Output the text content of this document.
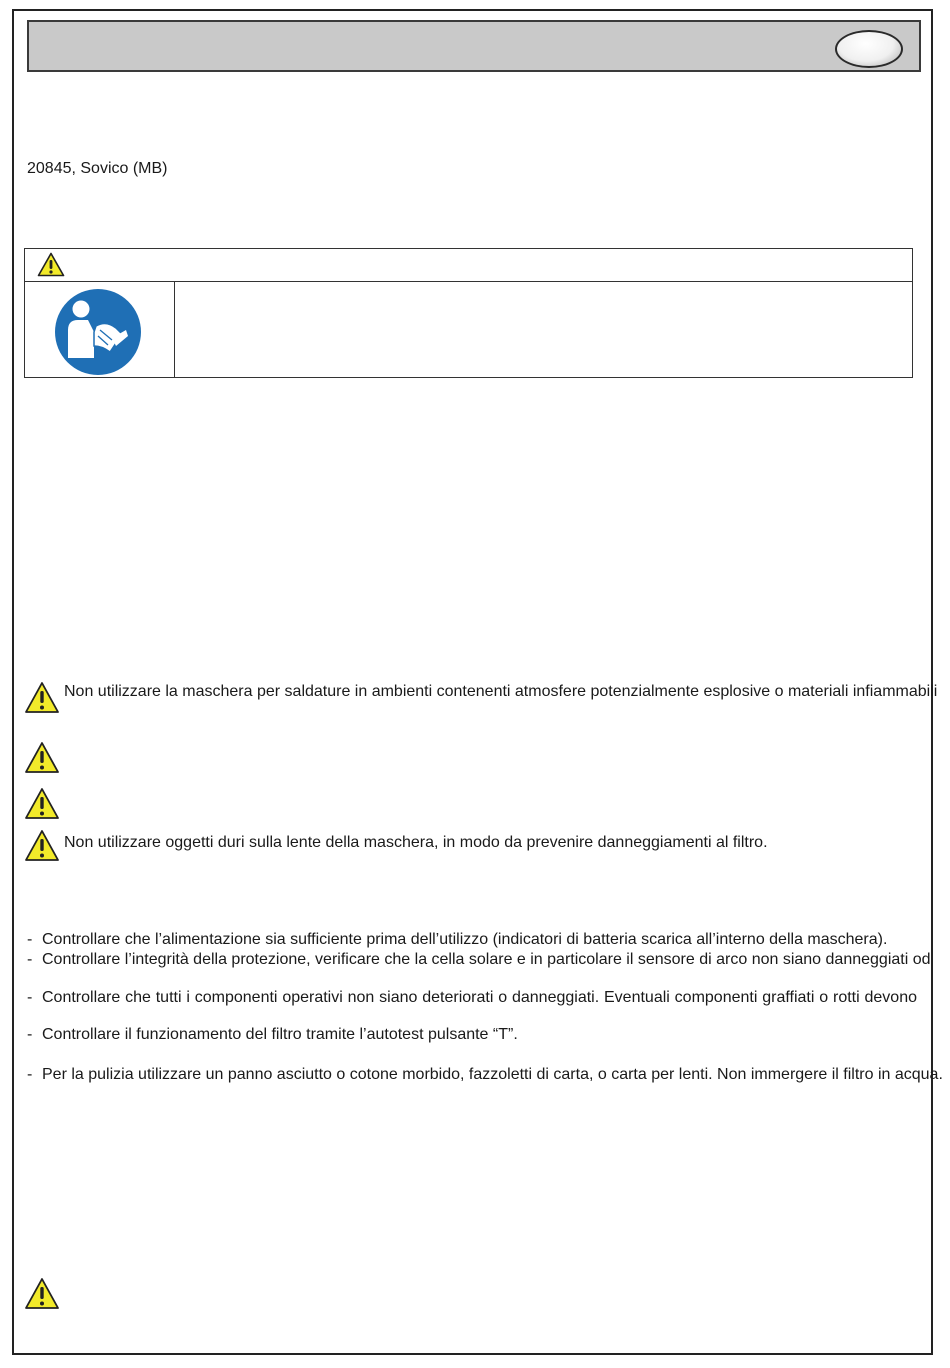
20845, Sovico (MB)
Non utilizzare la maschera per saldature in ambienti contenenti atmosfere potenzialmente esplosive o materiali infiammabili
Non utilizzare oggetti duri sulla lente della maschera, in modo da prevenire danneggiamenti al filtro.
- Controllare che l’alimentazione sia sufficiente prima dell’utilizzo (indicatori di batteria scarica all’interno della maschera).
- Controllare l’integrità della protezione, verificare che la cella solare e in particolare il sensore di arco non siano danneggiati od
- Controllare che tutti i componenti operativi non siano deteriorati o danneggiati. Eventuali componenti graffiati o rotti devono
- Controllare il funzionamento del filtro tramite l’autotest pulsante “T”.
- Per la pulizia utilizzare un panno asciutto o cotone morbido, fazzoletti di carta, o carta per lenti. Non immergere il filtro in acqua.
